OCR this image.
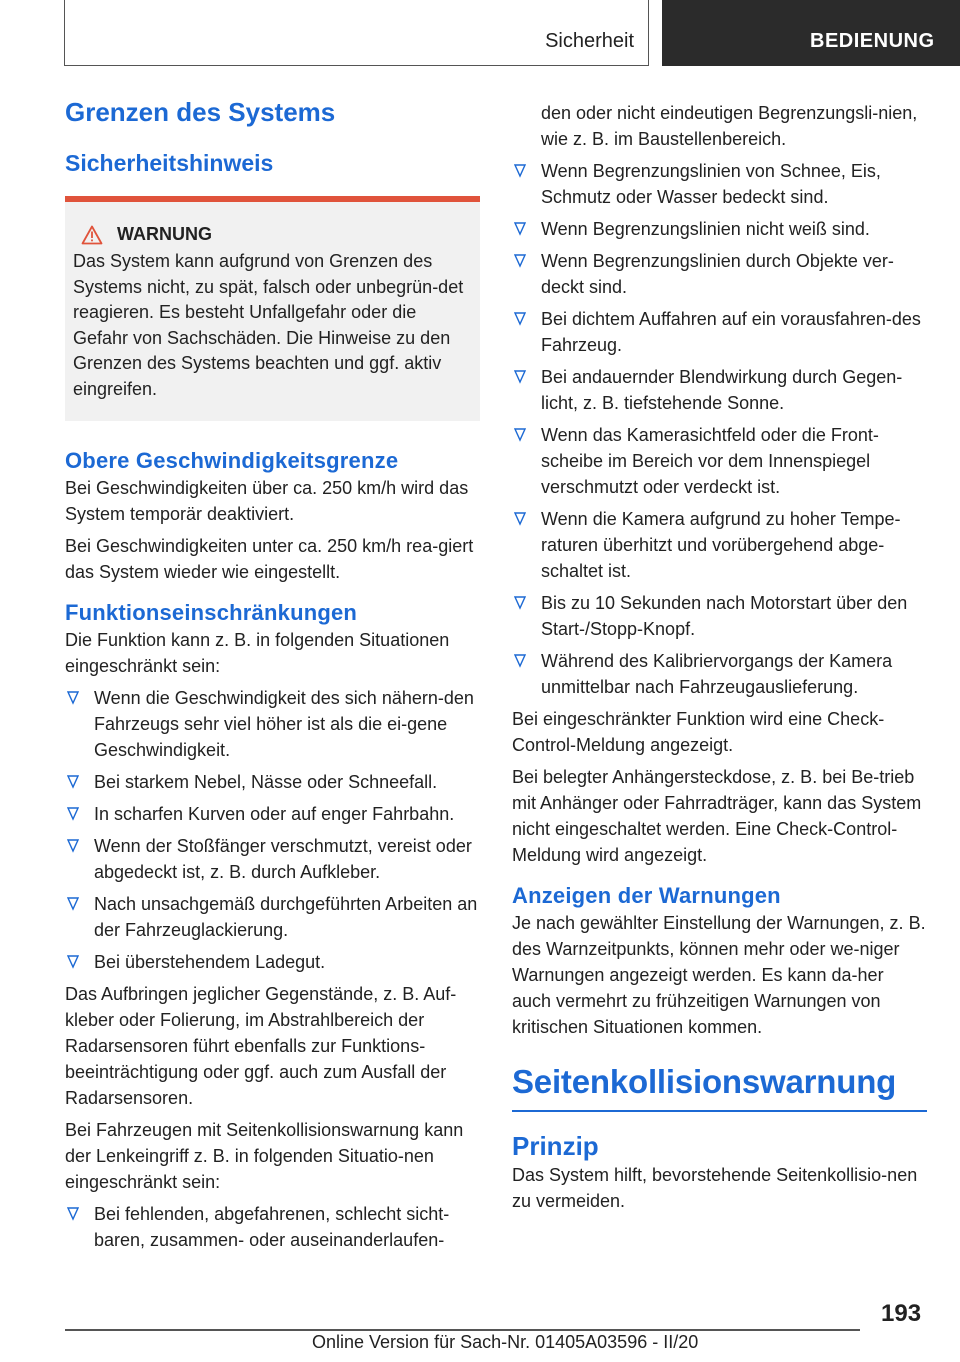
Sicherheit	BEDIENUNG
Grenzen des Systems
Sicherheitshinweis
WARNUNG

Das System kann aufgrund von Grenzen des Systems nicht, zu spät, falsch oder unbegrün-det reagieren. Es besteht Unfallgefahr oder die Gefahr von Sachschäden. Die Hinweise zu den Grenzen des Systems beachten und ggf. aktiv eingreifen.

Obere Geschwindigkeitsgrenze

Bei Geschwindigkeiten über ca. 250 km/h wird das System temporär deaktiviert.

Bei Geschwindigkeiten unter ca. 250 km/h rea-giert das System wieder wie eingestellt.

Funktionseinschränkungen

Die Funktion kann z. B. in folgenden Situationen eingeschränkt sein:

Wenn die Geschwindigkeit des sich nähern-den Fahrzeugs sehr viel höher ist als die ei-gene Geschwindigkeit.
Bei starkem Nebel, Nässe oder Schneefall.
In scharfen Kurven oder auf enger Fahrbahn.
Wenn der Stoßfänger verschmutzt, vereist oder abgedeckt ist, z. B. durch Aufkleber.
Nach unsachgemäß durchgeführten Arbeiten an der Fahrzeuglackierung.
Bei überstehendem Ladegut.

Das Aufbringen jeglicher Gegenstände, z. B. Auf-kleber oder Folierung, im Abstrahlbereich der Radarsensoren führt ebenfalls zur Funktions-beeinträchtigung oder ggf. auch zum Ausfall der Radarsensoren.

Bei Fahrzeugen mit Seitenkollisionswarnung kann der Lenkeingriff z. B. in folgenden Situatio-nen eingeschränkt sein:

Bei fehlenden, abgefahrenen, schlecht sicht-baren, zusammen- oder auseinanderlaufen-
den oder nicht eindeutigen Begrenzungsli-nien, wie z. B. im Baustellenbereich.
Wenn Begrenzungslinien von Schnee, Eis, Schmutz oder Wasser bedeckt sind.
Wenn Begrenzungslinien nicht weiß sind.
Wenn Begrenzungslinien durch Objekte ver-deckt sind.
Bei dichtem Auffahren auf ein vorausfahren-des Fahrzeug.
Bei andauernder Blendwirkung durch Gegen-licht, z. B. tiefstehende Sonne.
Wenn das Kamerasichtfeld oder die Front-scheibe im Bereich vor dem Innenspiegel verschmutzt oder verdeckt ist.
Wenn die Kamera aufgrund zu hoher Tempe-raturen überhitzt und vorübergehend abge-schaltet ist.
Bis zu 10 Sekunden nach Motorstart über den Start-/Stopp-Knopf.
Während des Kalibriervorgangs der Kamera unmittelbar nach Fahrzeugauslieferung.

Bei eingeschränkter Funktion wird eine Check-Control-Meldung angezeigt.

Bei belegter Anhängersteckdose, z. B. bei Be-trieb mit Anhänger oder Fahrradträger, kann das System nicht eingeschaltet werden. Eine Check-Control-Meldung wird angezeigt.

Anzeigen der Warnungen

Je nach gewählter Einstellung der Warnungen, z. B. des Warnzeitpunkts, können mehr oder we-niger Warnungen angezeigt werden. Es kann da-her auch vermehrt zu frühzeitigen Warnungen von kritischen Situationen kommen.

Seitenkollisionswarnung
Prinzip

Das System hilft, bevorstehende Seitenkollisio-nen zu vermeiden.

193
Online Version für Sach-Nr. 01405A03596 - II/20
